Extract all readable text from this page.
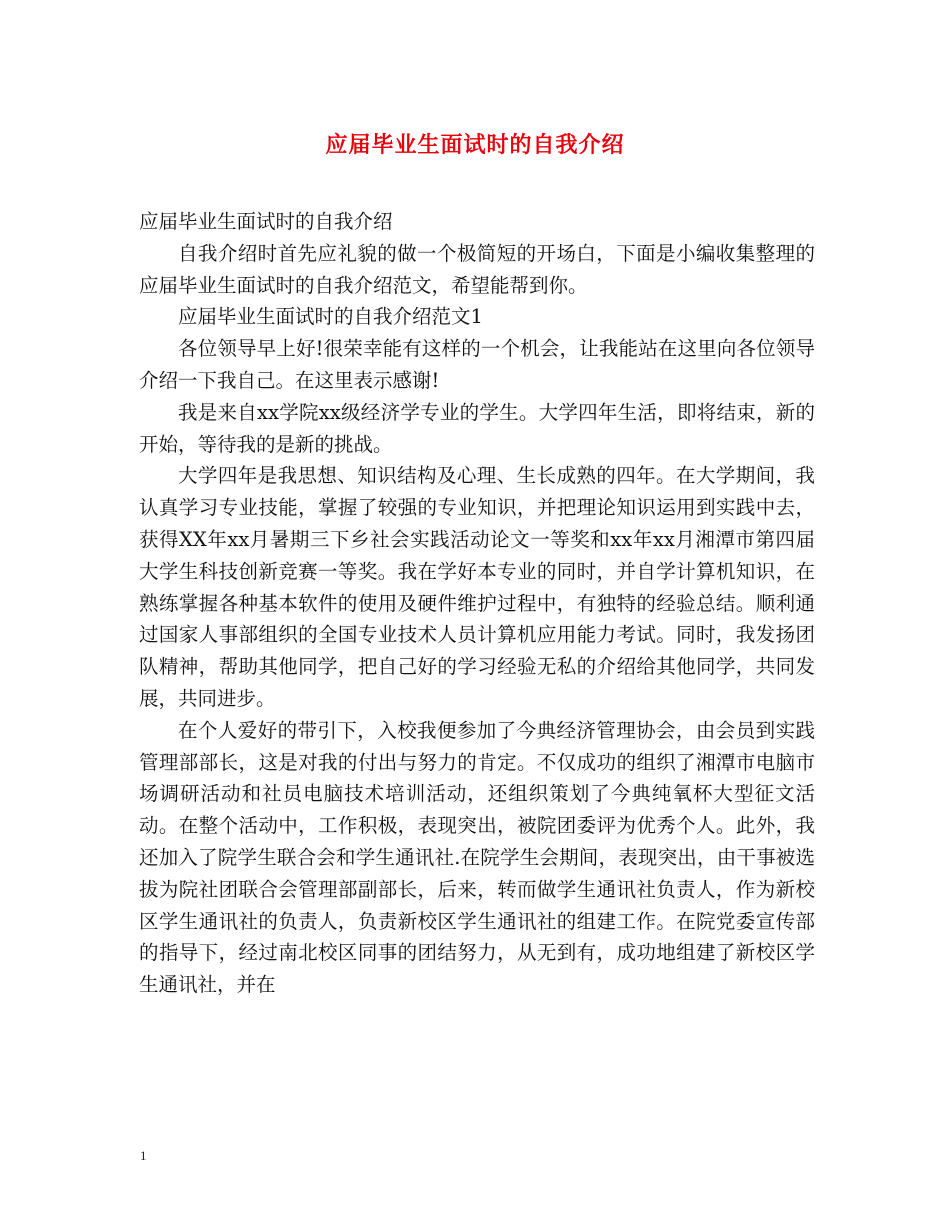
应届毕业生面试时的自我介绍

应届毕业生面试时的自我介绍

自我介绍时首先应礼貌的做一个极简短的开场白，下面是小编收集整理的应届毕业生面试时的自我介绍范文，希望能帮到你。

应届毕业生面试时的自我介绍范文1

各位领导早上好!很荣幸能有这样的一个机会，让我能站在这里向各位领导介绍一下我自己。在这里表示感谢!

我是来自xx学院xx级经济学专业的学生。大学四年生活，即将结束，新的开始，等待我的是新的挑战。

大学四年是我思想、知识结构及心理、生长成熟的四年。在大学期间，我认真学习专业技能，掌握了较强的专业知识，并把理论知识运用到实践中去，获得XX年xx月暑期三下乡社会实践活动论文一等奖和xx年xx月湘潭市第四届大学生科技创新竞赛一等奖。我在学好本专业的同时，并自学计算机知识，在熟练掌握各种基本软件的使用及硬件维护过程中，有独特的经验总结。顺利通过国家人事部组织的全国专业技术人员计算机应用能力考试。同时，我发扬团队精神，帮助其他同学，把自己好的学习经验无私的介绍给其他同学，共同发展，共同进步。

在个人爱好的带引下，入校我便参加了今典经济管理协会，由会员到实践管理部部长，这是对我的付出与努力的肯定。不仅成功的组织了湘潭市电脑市场调研活动和社员电脑技术培训活动，还组织策划了今典纯氧杯大型征文活动。在整个活动中，工作积极，表现突出，被院团委评为优秀个人。此外，我还加入了院学生联合会和学生通讯社.在院学生会期间，表现突出，由干事被选拔为院社团联合会管理部副部长，后来，转而做学生通讯社负责人，作为新校区学生通讯社的负责人，负责新校区学生通讯社的组建工作。在院党委宣传部的指导下，经过南北校区同事的团结努力，从无到有，成功地组建了新校区学生通讯社，并在

1
